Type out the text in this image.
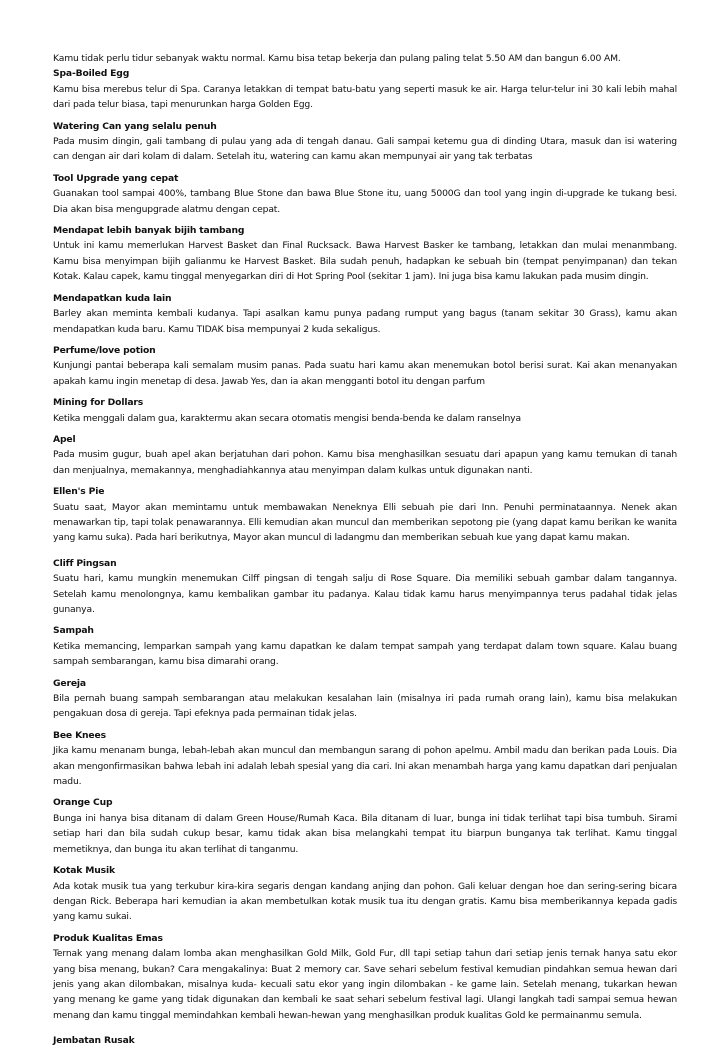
Kamu tidak perlu tidur sebanyak waktu normal. Kamu bisa tetap bekerja dan pulang paling telat 5.50 AM dan bangun 6.00 AM.

Spa-Boiled Egg

Kamu bisa merebus telur di Spa. Caranya letakkan di tempat batu-batu yang seperti masuk ke air. Harga telur-telur ini 30 kali lebih mahal dari pada telur biasa, tapi menurunkan harga Golden Egg.

Watering Can yang selalu penuh

Pada musim dingin, gali tambang di pulau yang ada di tengah danau. Gali sampai ketemu gua di dinding Utara, masuk dan isi watering can dengan air dari kolam di dalam. Setelah itu, watering can kamu akan mempunyai air yang tak terbatas

Tool Upgrade yang cepat

Guanakan tool sampai 400%, tambang Blue Stone dan bawa Blue Stone itu, uang 5000G dan tool yang ingin di-upgrade ke tukang besi. Dia akan bisa mengupgrade alatmu dengan cepat.

Mendapat lebih banyak bijih tambang

Untuk ini kamu memerlukan Harvest Basket dan Final Rucksack. Bawa Harvest Basker ke tambang, letakkan dan mulai menanmbang. Kamu bisa menyimpan bijih galianmu ke Harvest Basket. Bila sudah penuh, hadapkan ke sebuah bin (tempat penyimpanan) dan tekan Kotak. Kalau capek, kamu tinggal menyegarkan diri di Hot Spring Pool (sekitar 1 jam). Ini juga bisa kamu lakukan pada musim dingin.

Mendapatkan kuda lain

Barley akan meminta kembali kudanya. Tapi asalkan kamu punya padang rumput yang bagus (tanam sekitar 30 Grass), kamu akan mendapatkan kuda baru. Kamu TIDAK bisa mempunyai 2 kuda sekaligus.

Perfume/love potion

Kunjungi pantai beberapa kali semalam musim panas. Pada suatu hari kamu akan menemukan botol berisi surat. Kai akan menanyakan apakah kamu ingin menetap di desa. Jawab Yes, dan ia akan mengganti botol itu dengan parfum

Mining for Dollars

Ketika menggali dalam gua, karaktermu akan secara otomatis mengisi benda-benda ke dalam ranselnya

Apel

Pada musim gugur, buah apel akan berjatuhan dari pohon. Kamu bisa menghasilkan sesuatu dari apapun yang kamu temukan di tanah dan menjualnya, memakannya, menghadiahkannya atau menyimpan dalam kulkas untuk digunakan nanti.

Ellen's Pie

Suatu saat, Mayor akan memintamu untuk membawakan Neneknya Elli sebuah pie dari Inn. Penuhi perminataannya. Nenek akan menawarkan tip, tapi tolak penawarannya. Elli kemudian akan muncul dan memberikan sepotong pie (yang dapat kamu berikan ke wanita yang kamu suka). Pada hari berikutnya, Mayor akan muncul di ladangmu dan memberikan sebuah kue yang dapat kamu makan.

Cliff Pingsan

Suatu hari, kamu mungkin menemukan Cilff pingsan di tengah salju di Rose Square. Dia memiliki sebuah gambar dalam tangannya. Setelah kamu menolongnya, kamu kembalikan gambar itu padanya. Kalau tidak kamu harus menyimpannya terus padahal tidak jelas gunanya.

Sampah

Ketika memancing, lemparkan sampah yang kamu dapatkan ke dalam tempat sampah yang terdapat dalam town square. Kalau buang sampah sembarangan, kamu bisa dimarahi orang.

Gereja

Bila pernah buang sampah sembarangan atau melakukan kesalahan lain (misalnya iri pada rumah orang lain), kamu bisa melakukan pengakuan dosa di gereja. Tapi efeknya pada permainan tidak jelas.

Bee Knees

Jika kamu menanam bunga, lebah-lebah akan muncul dan membangun sarang di pohon apelmu. Ambil madu dan berikan pada Louis. Dia akan mengonfirmasikan bahwa lebah ini adalah lebah spesial yang dia cari. Ini akan menambah harga yang kamu dapatkan dari penjualan madu.

Orange Cup

Bunga ini hanya bisa ditanam di dalam Green House/Rumah Kaca. Bila ditanam di luar, bunga ini tidak terlihat tapi bisa tumbuh. Sirami setiap hari dan bila sudah cukup besar, kamu tidak akan bisa melangkahi tempat itu biarpun bunganya tak terlihat. Kamu tinggal memetiknya, dan bunga itu akan terlihat di tanganmu.

Kotak Musik

Ada kotak musik tua yang terkubur kira-kira segaris dengan kandang anjing dan pohon. Gali keluar dengan hoe dan sering-sering bicara dengan Rick. Beberapa hari kemudian ia akan membetulkan kotak musik tua itu dengan gratis. Kamu bisa memberikannya kepada gadis yang kamu sukai.

Produk Kualitas Emas

Ternak yang menang dalam lomba akan menghasilkan Gold Milk, Gold Fur, dll tapi setiap tahun dari setiap jenis ternak hanya satu ekor yang bisa menang, bukan? Cara mengakalinya: Buat 2 memory car. Save sehari sebelum festival kemudian pindahkan semua hewan dari jenis yang akan dilombakan, misalnya kuda- kecuali satu ekor yang ingin dilombakan - ke game lain. Setelah menang, tukarkan hewan yang menang ke game yang tidak digunakan dan kembali ke saat sehari sebelum festival lagi. Ulangi langkah tadi sampai semua hewan menang dan kamu tinggal memindahkan kembali hewan-hewan yang menghasilkan produk kualitas Gold ke permainanmu semula.

Jembatan Rusak
